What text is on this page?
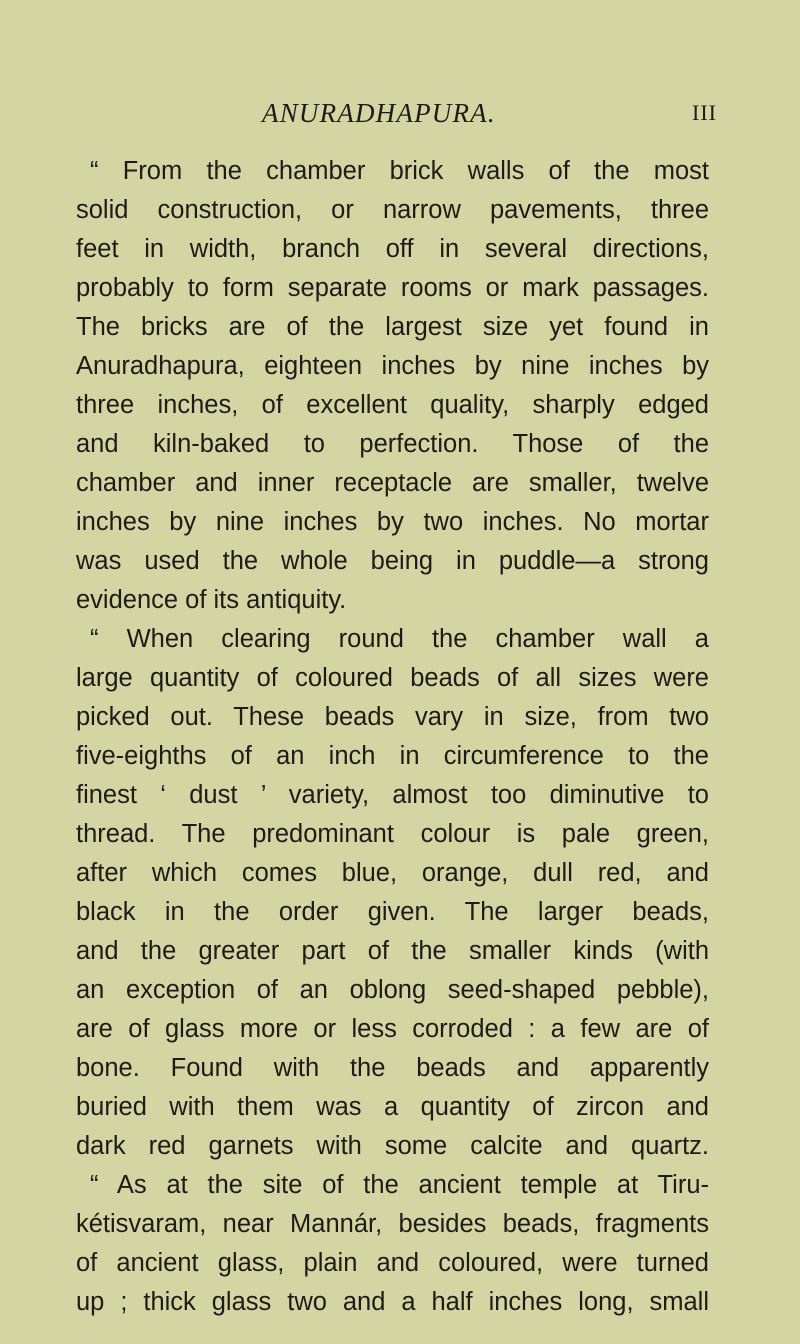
ANURADHAPURA.	III
“ From the chamber brick walls of the most
solid construction, or narrow pavements, three
feet in width, branch off in several directions,
probably to form separate rooms or mark passages.
The bricks are of the largest size yet found in
Anuradhapura, eighteen inches by nine inches by
three inches, of excellent quality, sharply edged
and kiln-baked to perfection. Those of the
chamber and inner receptacle are smaller, twelve
inches by nine inches by two inches. No mortar
was used the whole being in puddle—a strong
evidence of its antiquity.
“ When clearing round the chamber wall a
large quantity of coloured beads of all sizes were
picked out. These beads vary in size, from two
five-eighths of an inch in circumference to the
finest ‘ dust ’ variety, almost too diminutive to
thread. The predominant colour is pale green,
after which comes blue, orange, dull red, and
black in the order given. The larger beads,
and the greater part of the smaller kinds (with
an exception of an oblong seed-shaped pebble),
are of glass more or less corroded : a few are of
bone. Found with the beads and apparently
buried with them was a quantity of zircon and
dark red garnets with some calcite and quartz.
“ As at the site of the ancient temple at Tiru-
kétisvaram, near Mannár, besides beads, fragments
of ancient glass, plain and coloured, were turned
up ; thick glass two and a half inches long, small
